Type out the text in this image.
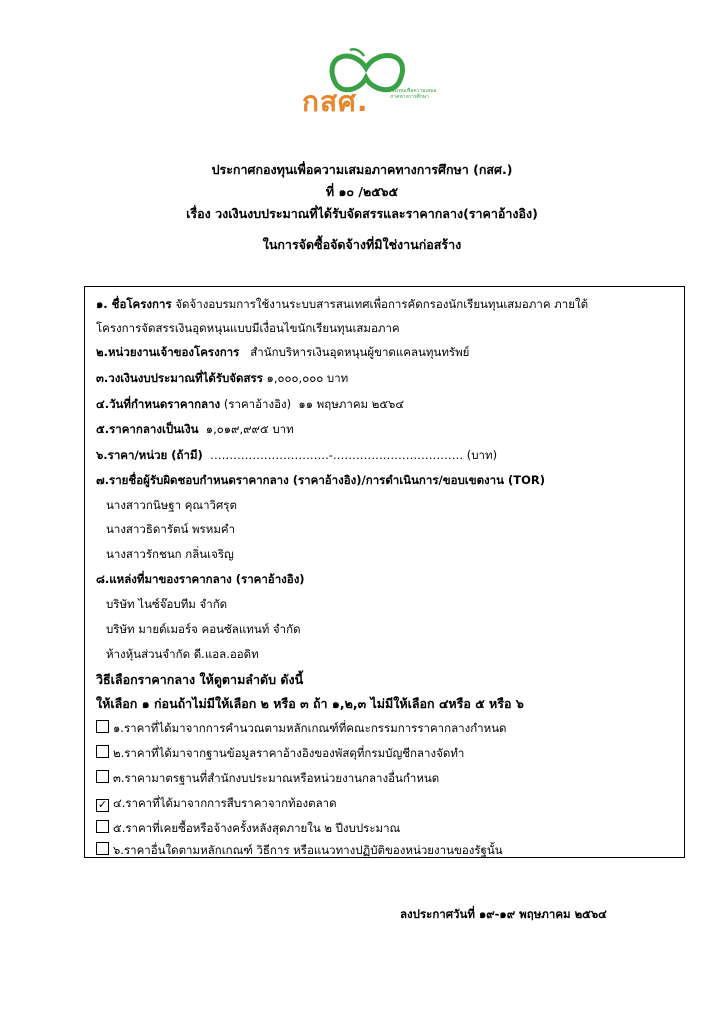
กสศ.	กองทุนเพื่อความเสมอภาคทางการศึกษา
ประกาศกองทุนเพื่อความเสมอภาคทางการศึกษา (กสศ.)
ที่ ๑๐ /๒๕๖๕
เรื่อง วงเงินงบประมาณที่ได้รับจัดสรรและราคากลาง(ราคาอ้างอิง)
ในการจัดซื้อจัดจ้างที่มิใช่งานก่อสร้าง
๑. ชื่อโครงการ จัดจ้างอบรมการใช้งานระบบสารสนเทศเพื่อการคัดกรองนักเรียนทุนเสมอภาค ภายใต้
โครงการจัดสรรเงินอุดหนุนแบบมีเงื่อนไขนักเรียนทุนเสมอภาค
๒.หน่วยงานเจ้าของโครงการ สำนักบริหารเงินอุดหนุนผู้ขาดแคลนทุนทรัพย์
๓.วงเงินงบประมาณที่ได้รับจัดสรร ๑,๐๐๐,๐๐๐ บาท
๔.วันที่กำหนดราคากลาง (ราคาอ้างอิง) ๑๑ พฤษภาคม ๒๕๖๔
๕.ราคากลางเป็นเงิน ๑,๐๑๙,๙๙๕ บาท
๖.ราคา/หน่วย (ถ้ามี) ………………………….-……………………………. (บาท)
๗.รายชื่อผู้รับผิดชอบกำหนดราคากลาง (ราคาอ้างอิง)/การดำเนินการ/ขอบเขตงาน (TOR)
นางสาวกนิษฐา คุณาวิศรุต
นางสาวธิดารัตน์ พรหมคำ
นางสาวรักชนก กลิ่นเจริญ
๘.แหล่งที่มาของราคากลาง (ราคาอ้างอิง)
บริษัท ไนซ์จ๊อบทีม จำกัด
บริษัท มายด์เมอร์จ คอนซัลแทนท์ จำกัด
ห้างหุ้นส่วนจำกัด ดี.แอล.ออดิท
วิธีเลือกราคากลาง ให้ดูตามลำดับ ดังนี้
ให้เลือก ๑ ก่อนถ้าไม่มีให้เลือก ๒ หรือ ๓ ถ้า ๑,๒,๓ ไม่มีให้เลือก ๔หรือ ๕ หรือ ๖
๑.ราคาที่ได้มาจากการคำนวณตามหลักเกณฑ์ที่คณะกรรมการราคากลางกำหนด
๒.ราคาที่ได้มาจากฐานข้อมูลราคาอ้างอิงของพัสดุที่กรมบัญชีกลางจัดทำ
๓.ราคามาตรฐานที่สำนักงบประมาณหรือหน่วยงานกลางอื่นกำหนด
✓ ๔.ราคาที่ได้มาจากการสืบราคาจากท้องตลาด
๕.ราคาที่เคยซื้อหรือจ้างครั้งหลังสุดภายใน ๒ ปีงบประมาณ
๖.ราคาอื่นใดตามหลักเกณฑ์ วิธีการ หรือแนวทางปฏิบัติของหน่วยงานของรัฐนั้น
ลงประกาศวันที่ ๑๙-๑๙ พฤษภาคม ๒๕๖๔
